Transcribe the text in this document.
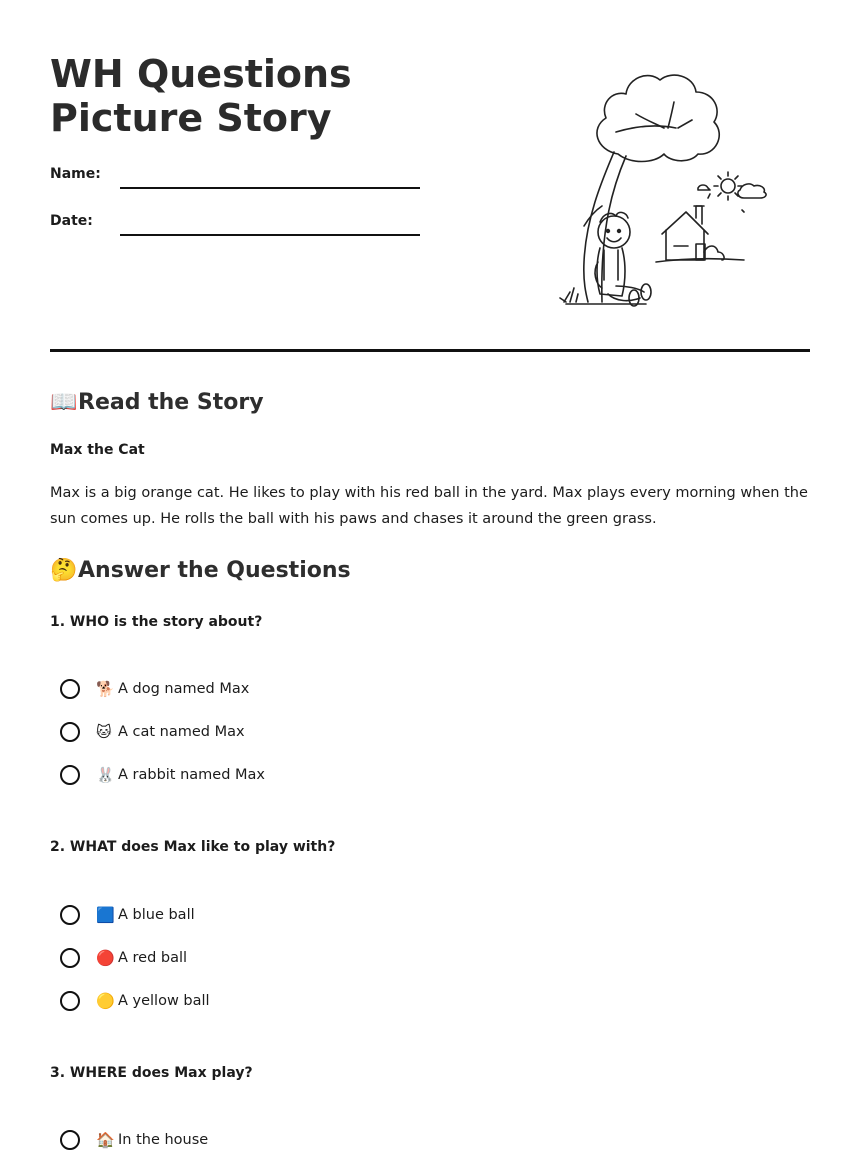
WH Questions Picture Story
Name:
Date:
📖Read the Story
Max the Cat

Max is a big orange cat. He likes to play with his red ball in the yard. Max plays every morning when the sun comes up. He rolls the ball with his paws and chases it around the green grass.

🤔Answer the Questions
1. WHO is the story about?
🐕 A dog named Max
🐱 A cat named Max
🐰 A rabbit named Max
2. WHAT does Max like to play with?
🟦 A blue ball
🔴 A red ball
🟡 A yellow ball
3. WHERE does Max play?
🏠 In the house
